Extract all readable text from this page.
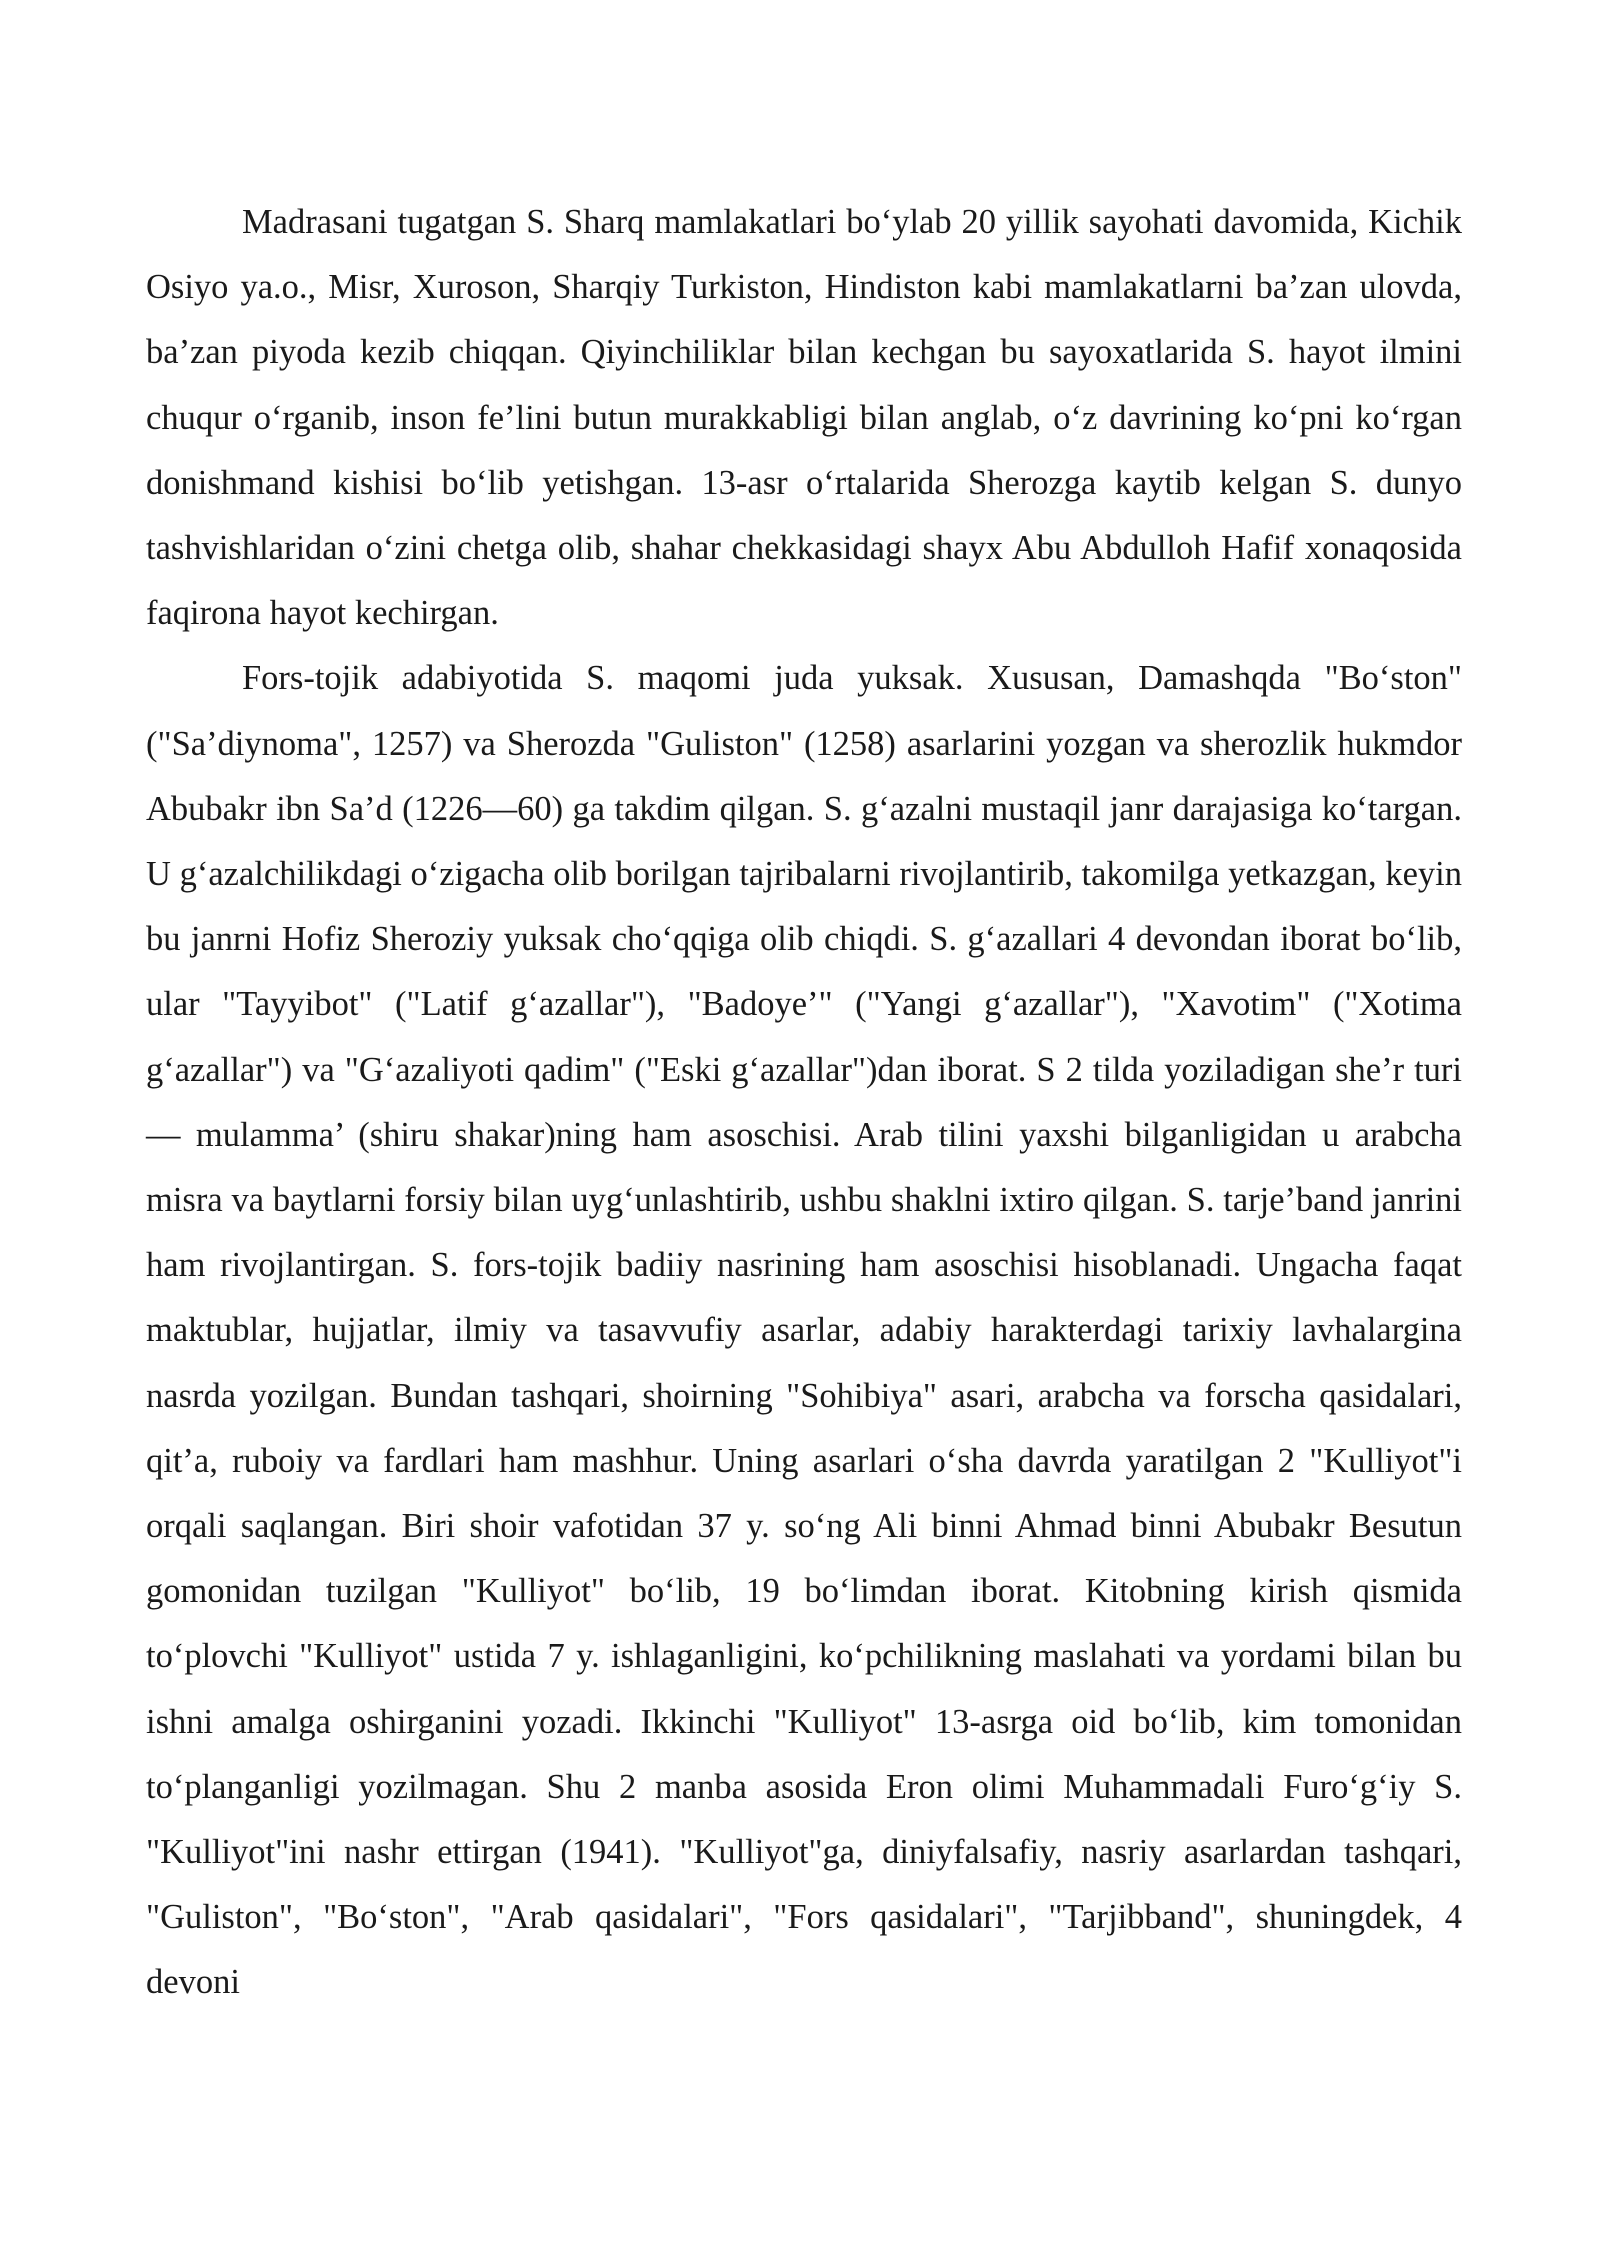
Madrasani tugatgan S. Sharq mamlakatlari bo‘ylab 20 yillik sayohati davomida, Kichik Osiyo ya.o., Misr, Xuroson, Sharqiy Turkiston, Hindiston kabi mamlakatlarni ba’zan ulovda, ba’zan piyoda kezib chiqqan. Qiyinchiliklar bilan kechgan bu sayoxatlarida S. hayot ilmini chuqur o‘rganib, inson fe’lini butun murakkabligi bilan anglab, o‘z davrining ko‘pni ko‘rgan donishmand kishisi bo‘lib yetishgan. 13-asr o‘rtalarida Sherozga kaytib kelgan S. dunyo tashvishlaridan o‘zini chetga olib, shahar chekkasidagi shayx Abu Abdulloh Hafif xonaqosida faqirona hayot kechirgan.

Fors-tojik adabiyotida S. maqomi juda yuksak. Xususan, Damashqda "Bo‘ston" ("Sa’diynoma", 1257) va Sherozda "Guliston" (1258) asarlarini yozgan va sherozlik hukmdor Abubakr ibn Sa’d (1226—60) ga takdim qilgan. S. g‘azalni mustaqil janr darajasiga ko‘targan. U g‘azalchilikdagi o‘zigacha olib borilgan tajribalarni rivojlantirib, takomilga yetkazgan, keyin bu janrni Hofiz Sheroziy yuksak cho‘qqiga olib chiqdi. S. g‘azallari 4 devondan iborat bo‘lib, ular "Tayyibot" ("Latif g‘azallar"), "Badoye’" ("Yangi g‘azallar"), "Xavotim" ("Xotima g‘azallar") va "G‘azaliyoti qadim" ("Eski g‘azallar")dan iborat. S 2 tilda yoziladigan she’r turi — mulamma’ (shiru shakar)ning ham asoschisi. Arab tilini yaxshi bilganligidan u arabcha misra va baytlarni forsiy bilan uyg‘unlashtirib, ushbu shaklni ixtiro qilgan. S. tarje’band janrini ham rivojlantirgan. S. fors-tojik badiiy nasrining ham asoschisi hisoblanadi. Ungacha faqat maktublar, hujjatlar, ilmiy va tasavvufiy asarlar, adabiy harakterdagi tarixiy lavhalargina nasrda yozilgan. Bundan tashqari, shoirning "Sohibiya" asari, arabcha va forscha qasidalari, qit’a, ruboiy va fardlari ham mashhur. Uning asarlari o‘sha davrda yaratilgan 2 "Kulliyot"i orqali saqlangan. Biri shoir vafotidan 37 y. so‘ng Ali binni Ahmad binni Abubakr Besutun gomonidan tuzilgan "Kulliyot" bo‘lib, 19 bo‘limdan iborat. Kitobning kirish qismida to‘plovchi "Kulliyot" ustida 7 y. ishlaganligini, ko‘pchilikning maslahati va yordami bilan bu ishni amalga oshirganini yozadi. Ikkinchi "Kulliyot" 13-asrga oid bo‘lib, kim tomonidan to‘planganligi yozilmagan. Shu 2 manba asosida Eron olimi Muhammadali Furo‘g‘iy S. "Kulliyot"ini nashr ettirgan (1941). "Kulliyot"ga, diniyfalsafiy, nasriy asarlardan tashqari, "Guliston", "Bo‘ston", "Arab qasidalari", "Fors qasidalari", "Tarjibband", shuningdek, 4 devoni
